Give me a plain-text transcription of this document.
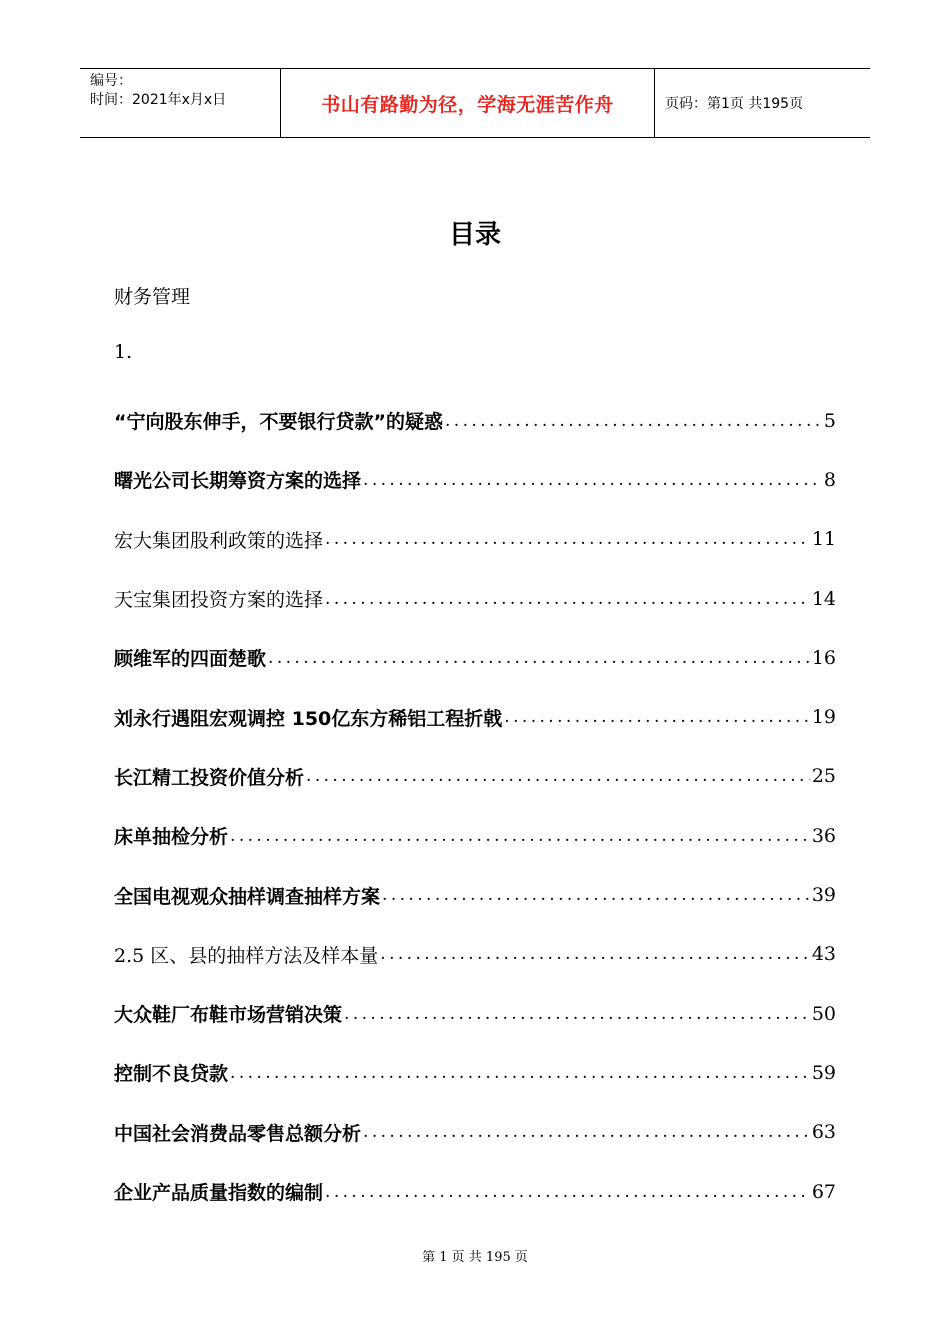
编号：
时间：2021年x月x日	书山有路勤为径，学海无涯苦作舟	页码：第1页 共195页
目录
财务管理
1.
“宁向股东伸手，不要银行贷款”的疑惑 .....	5
曙光公司长期筹资方案的选择 .....	8
宏大集团股利政策的选择 .....	11
天宝集团投资方案的选择 .....	14
顾维军的四面楚歌 .....	16
刘永行遇阻宏观调控 150亿东方稀铝工程折戟 .....	19
长江精工投资价值分析 .....	25
床单抽检分析 .....	36
全国电视观众抽样调查抽样方案 .....	39
2.5 区、县的抽样方法及样本量 .....	43
大众鞋厂布鞋市场营销决策 .....	50
控制不良贷款 .....	59
中国社会消费品零售总额分析 .....	63
企业产品质量指数的编制 .....	67
第 1 页 共 195 页
